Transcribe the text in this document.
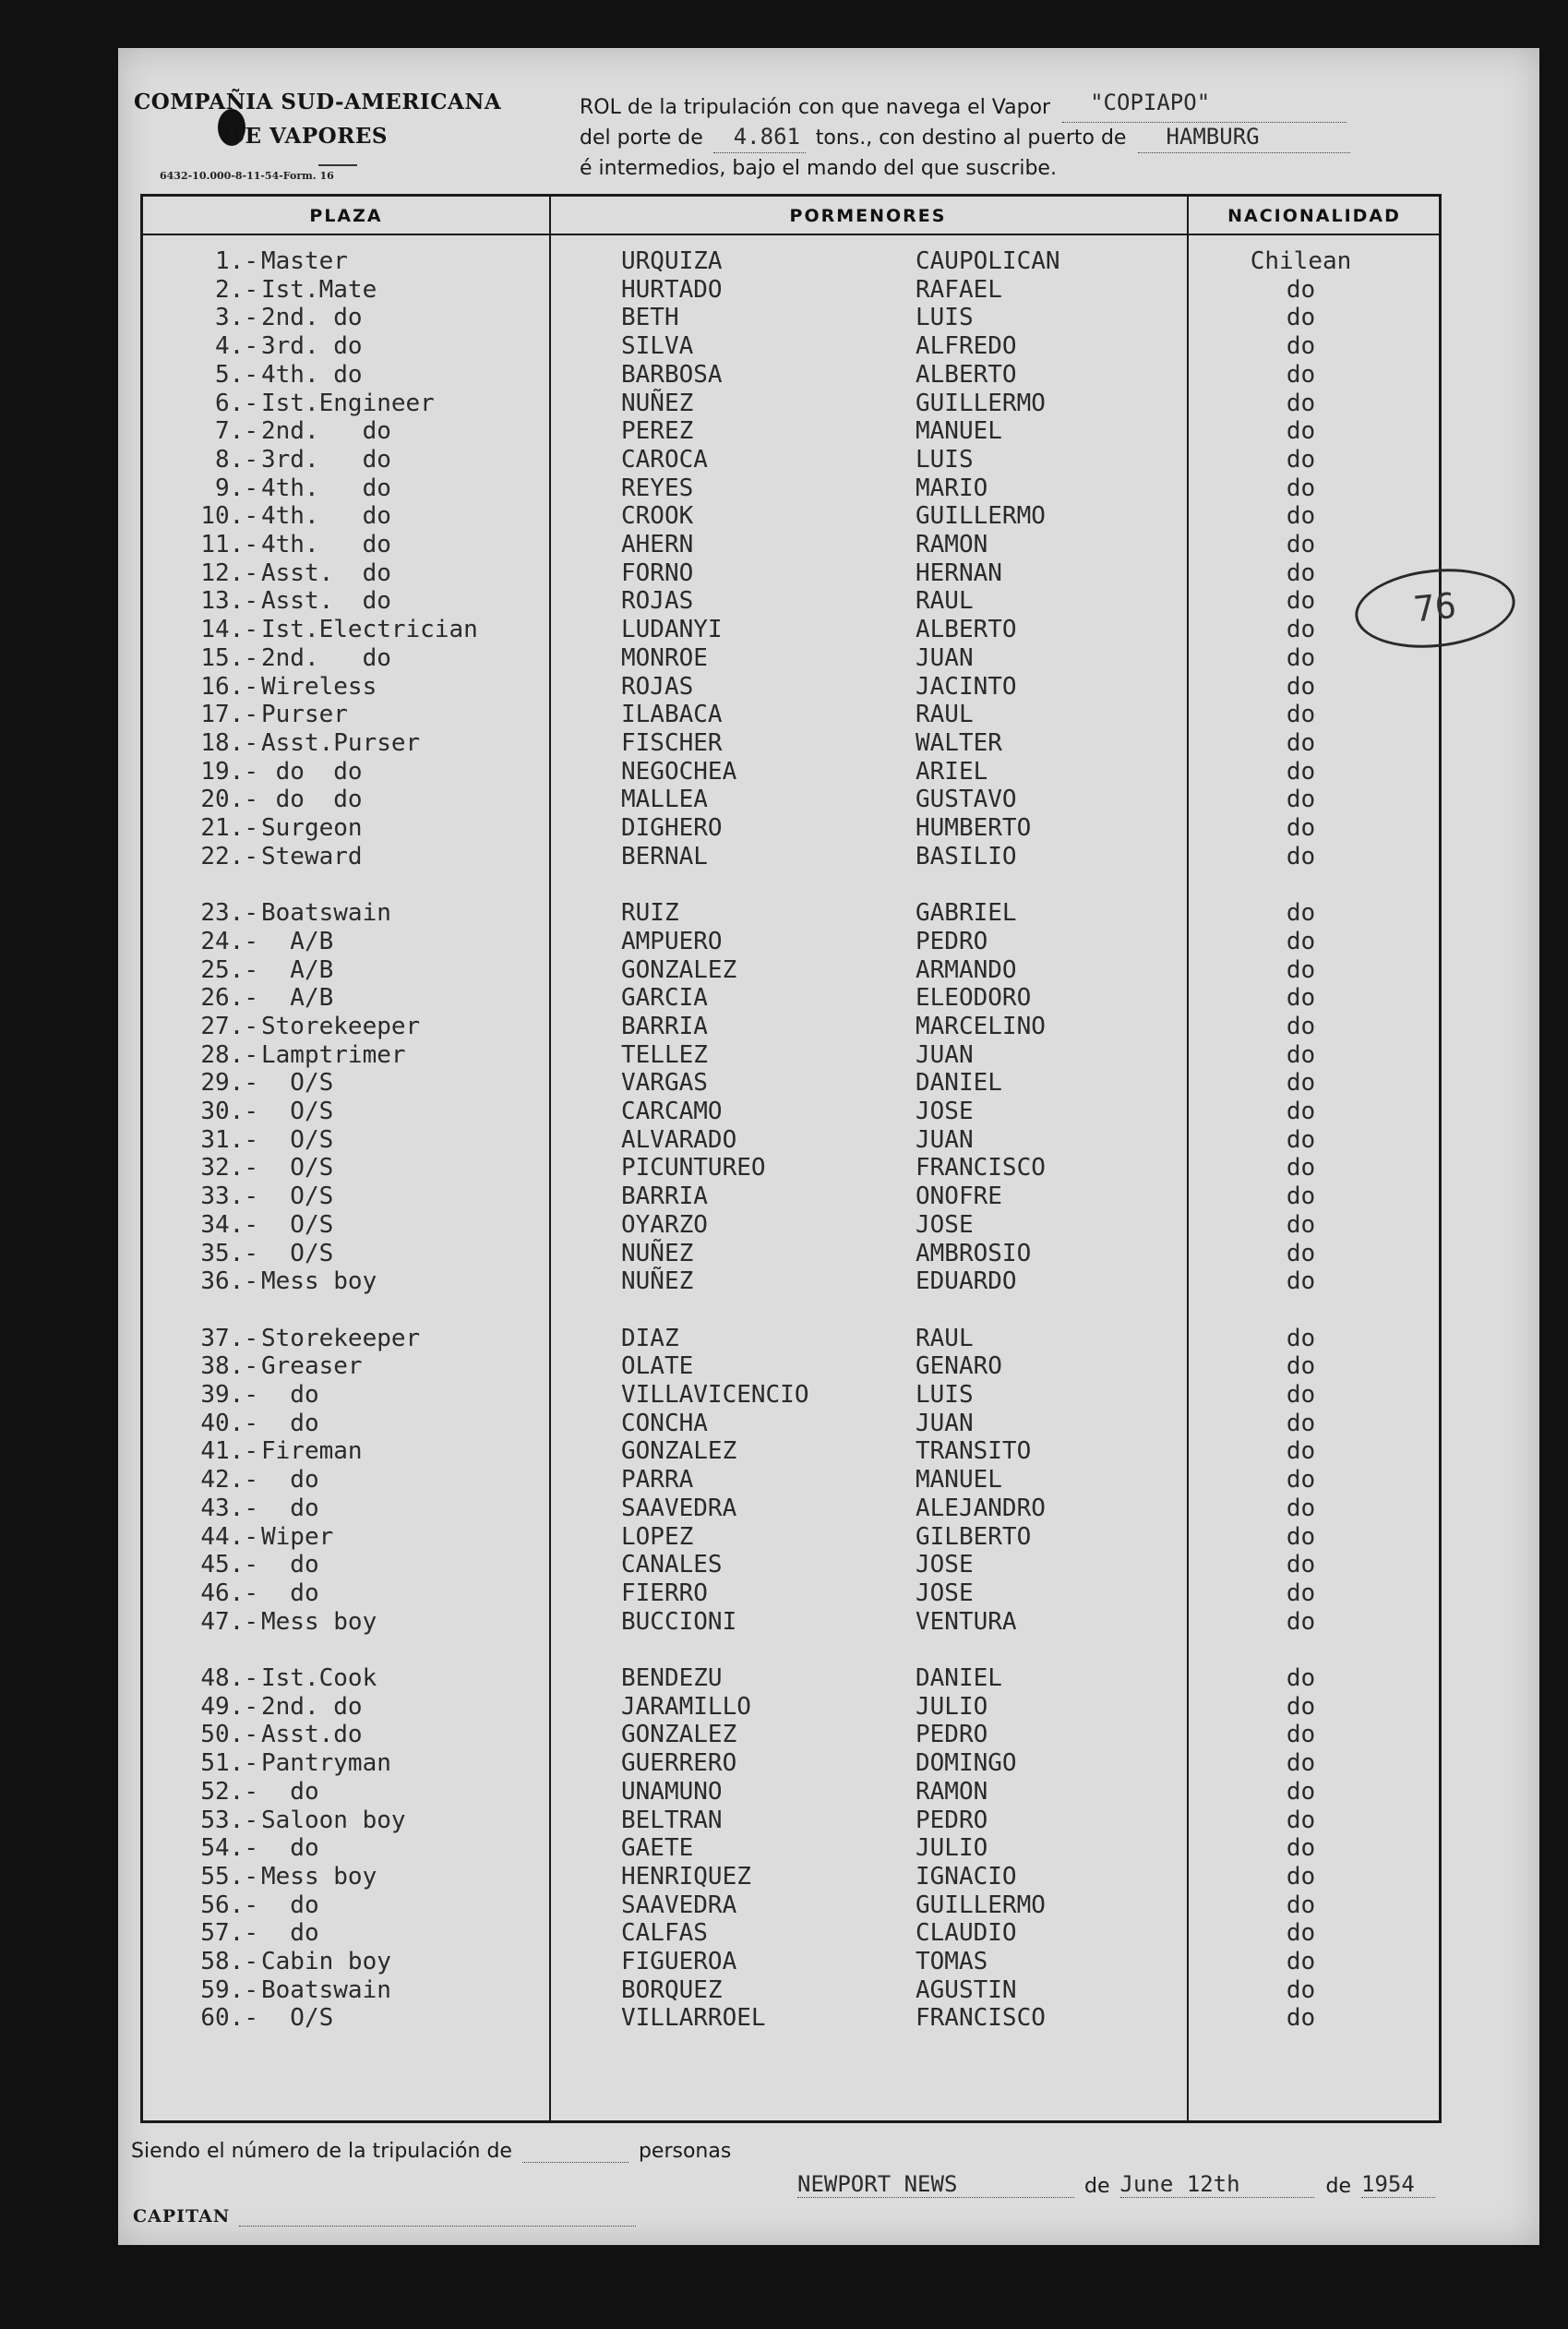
COMPAÑIA SUD-AMERICANA
DE VAPORES
6432-10.000-8-11-54-Form. 16
ROL de la tripulación con que navega el Vapor "COPIAPO"
del porte de 4.861 tons., con destino al puerto de HAMBURG
é intermedios, bajo el mando del que suscribe.
PLAZA	PORMENORES	NACIONALIDAD
76
1.- Master	URQUIZA	CAUPOLICAN	Chilean
2.- Ist.Mate	HURTADO	RAFAEL	do
3.- 2nd. do	BETH	LUIS	do
4.- 3rd. do	SILVA	ALFREDO	do
5.- 4th. do	BARBOSA	ALBERTO	do
6.- Ist.Engineer	NUÑEZ	GUILLERMO	do
7.- 2nd.   do	PEREZ	MANUEL	do
8.- 3rd.   do	CAROCA	LUIS	do
9.- 4th.   do	REYES	MARIO	do
10.- 4th.   do	CROOK	GUILLERMO	do
11.- 4th.   do	AHERN	RAMON	do
12.- Asst.  do	FORNO	HERNAN	do
13.- Asst.  do	ROJAS	RAUL	do
14.- Ist.Electrician	LUDANYI	ALBERTO	do
15.- 2nd.   do	MONROE	JUAN	do
16.- Wireless	ROJAS	JACINTO	do
17.- Purser	ILABACA	RAUL	do
18.- Asst.Purser	FISCHER	WALTER	do
19.- do  do	NEGOCHEA	ARIEL	do
20.- do  do	MALLEA	GUSTAVO	do
21.- Surgeon	DIGHERO	HUMBERTO	do
22.- Steward	BERNAL	BASILIO	do
23.- Boatswain	RUIZ	GABRIEL	do
24.- A/B	AMPUERO	PEDRO	do
25.- A/B	GONZALEZ	ARMANDO	do
26.- A/B	GARCIA	ELEODORO	do
27.- Storekeeper	BARRIA	MARCELINO	do
28.- Lamptrimer	TELLEZ	JUAN	do
29.- O/S	VARGAS	DANIEL	do
30.- O/S	CARCAMO	JOSE	do
31.- O/S	ALVARADO	JUAN	do
32.- O/S	PICUNTUREO	FRANCISCO	do
33.- O/S	BARRIA	ONOFRE	do
34.- O/S	OYARZO	JOSE	do
35.- O/S	NUÑEZ	AMBROSIO	do
36.- Mess boy	NUÑEZ	EDUARDO	do
37.- Storekeeper	DIAZ	RAUL	do
38.- Greaser	OLATE	GENARO	do
39.- do	VILLAVICENCIO	LUIS	do
40.- do	CONCHA	JUAN	do
41.- Fireman	GONZALEZ	TRANSITO	do
42.- do	PARRA	MANUEL	do
43.- do	SAAVEDRA	ALEJANDRO	do
44.- Wiper	LOPEZ	GILBERTO	do
45.- do	CANALES	JOSE	do
46.- do	FIERRO	JOSE	do
47.- Mess boy	BUCCIONI	VENTURA	do
48.- Ist.Cook	BENDEZU	DANIEL	do
49.- 2nd. do	JARAMILLO	JULIO	do
50.- Asst.do	GONZALEZ	PEDRO	do
51.- Pantryman	GUERRERO	DOMINGO	do
52.- do	UNAMUNO	RAMON	do
53.- Saloon boy	BELTRAN	PEDRO	do
54.- do	GAETE	JULIO	do
55.- Mess boy	HENRIQUEZ	IGNACIO	do
56.- do	SAAVEDRA	GUILLERMO	do
57.- do	CALFAS	CLAUDIO	do
58.- Cabin boy	FIGUEROA	TOMAS	do
59.- Boatswain	BORQUEZ	AGUSTIN	do
60.- O/S	VILLARROEL	FRANCISCO	do
Siendo el número de la tripulación de	personas
NEWPORT NEWS	de June 12th	de 1954
CAPITAN
